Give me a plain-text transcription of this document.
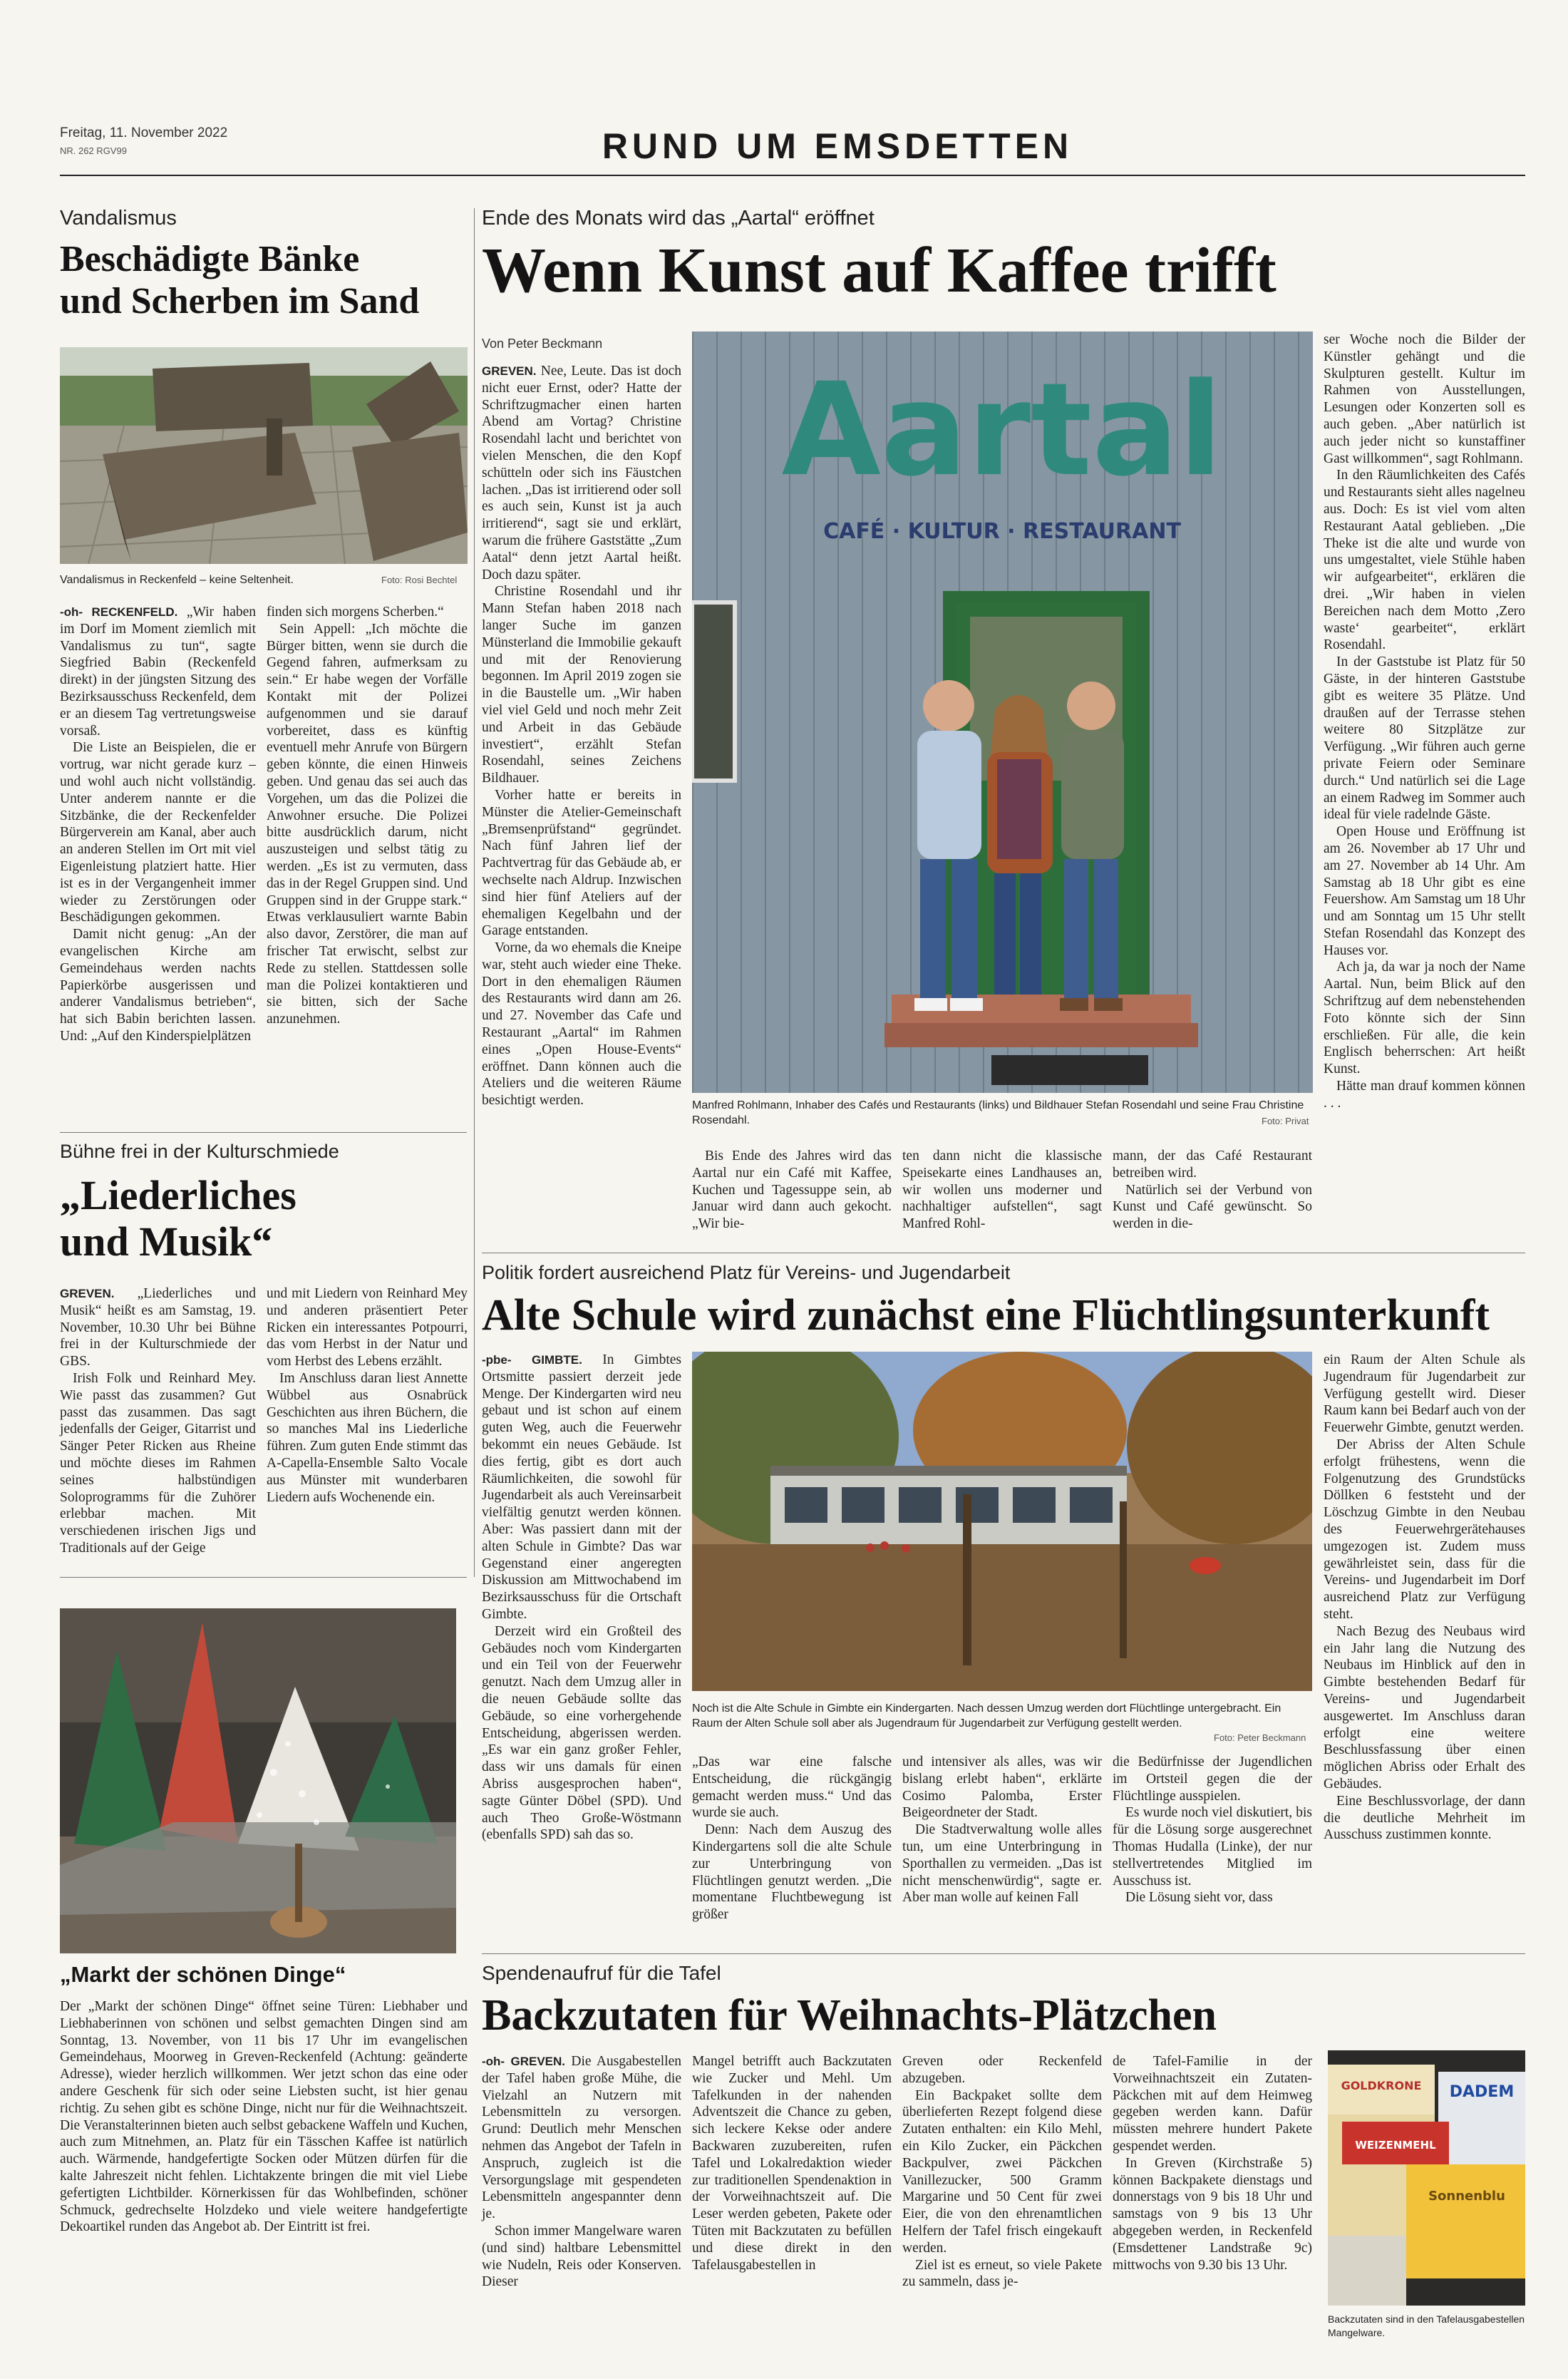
Freitag, 11. November 2022
NR. 262 RGV99	RUND UM EMSDETTEN
Vandalismus
Beschädigte Bänke
und Scherben im Sand
Vandalismus in Reckenfeld – keine Seltenheit.	Foto: Rosi Bechtel

-oh- RECKENFELD. „Wir haben im Dorf im Moment ziemlich mit Vandalismus zu tun“, sagte Siegfried Babin (Reckenfeld direkt) in der jüngsten Sitzung des Bezirksausschuss Reckenfeld, dem er an diesem Tag vertretungsweise vorsaß.

Die Liste an Beispielen, die er vortrug, war nicht gerade kurz – und wohl auch nicht vollständig. Unter anderem nannte er die Sitzbänke, die der Reckenfelder Bürgerverein am Kanal, aber auch an anderen Stellen im Ort mit viel Eigenleistung platziert hatte. Hier ist es in der Vergangenheit immer wieder zu Zerstörungen oder Beschädigungen gekommen.

Damit nicht genug: „An der evangelischen Kirche am Gemeindehaus werden nachts Papierkörbe ausgerissen und anderer Vandalismus betrieben“, hat sich Babin berichten lassen. Und: „Auf den Kinderspielplätzen

finden sich morgens Scherben.“

Sein Appell: „Ich möchte die Bürger bitten, wenn sie durch die Gegend fahren, aufmerksam zu sein.“ Er habe wegen der Vorfälle Kontakt mit der Polizei aufgenommen und sie darauf vorbereitet, dass es künftig eventuell mehr Anrufe von Bürgern geben könnte, die einen Hinweis geben. Und genau das sei auch das Vorgehen, um das die Polizei die Anwohner ersuche. Die Polizei bitte ausdrücklich darum, nicht auszusteigen und selbst tätig zu werden. „Es ist zu vermuten, dass das in der Regel Gruppen sind. Und Gruppen sind in der Gruppe stark.“ Etwas verklausuliert warnte Babin also davor, Zerstörer, die man auf frischer Tat erwischt, selbst zur Rede zu stellen. Stattdessen solle man die Polizei kontaktieren und sie bitten, sich der Sache anzunehmen.

Bühne frei in der Kulturschmiede
„Liederliches
und Musik“

GREVEN. „Liederliches und Musik“ heißt es am Samstag, 19. November, 10.30 Uhr bei Bühne frei in der Kulturschmiede der GBS.

Irish Folk und Reinhard Mey. Wie passt das zusammen? Gut passt das zusammen. Das sagt jedenfalls der Geiger, Gitarrist und Sänger Peter Ricken aus Rheine und möchte dieses im Rahmen seines halbstündigen Soloprogramms für die Zuhörer erlebbar machen. Mit verschiedenen irischen Jigs und Traditionals auf der Geige

und mit Liedern von Reinhard Mey und anderen präsentiert Peter Ricken ein interessantes Potpourri, das vom Herbst in der Natur und vom Herbst des Lebens erzählt.

Im Anschluss daran liest Annette Wübbel aus Osnabrück Geschichten aus ihren Büchern, die so manches Mal ins Liederliche führen. Zum guten Ende stimmt das A-Capella-Ensemble Salto Vocale aus Münster mit wunderbaren Liedern aufs Wochenende ein.

„Markt der schönen Dinge“

Der „Markt der schönen Dinge“ öffnet seine Türen: Liebhaber und Liebhaberinnen von schönen und selbst gemachten Dingen sind am Sonntag, 13. November, von 11 bis 17 Uhr im evangelischen Gemeindehaus, Moorweg in Greven-Reckenfeld (Achtung: geänderte Adresse), wieder herzlich willkommen. Wer jetzt schon das eine oder andere Geschenk für sich oder seine Liebsten sucht, ist hier genau richtig. Zu sehen gibt es schöne Dinge, nicht nur für die Weihnachtszeit. Die Veranstalterinnen bieten auch selbst gebackene Waffeln und Kuchen, auch zum Mitnehmen, an. Platz für ein Tässchen Kaffee ist natürlich auch. Wärmende, handgefertigte Socken oder Mützen dürfen für die kalte Jahreszeit nicht fehlen. Lichtakzente bringen die mit viel Liebe gefertigten Lichtbilder. Körnerkissen für das Wohlbefinden, schöner Schmuck, gedrechselte Holzdeko und viele weitere handgefertigte Dekoartikel runden das Angebot ab. Der Eintritt ist frei.

Ende des Monats wird das „Aartal“ eröffnet
Wenn Kunst auf Kaffee trifft
Von Peter Beckmann
Aartal
CAFÉ · KULTUR · RESTAURANT
Manfred Rohlmann, Inhaber des Cafés und Restaurants (links) und Bildhauer Stefan Rosendahl und seine Frau Christine Rosendahl.	Foto: Privat

GREVEN. Nee, Leute. Das ist doch nicht euer Ernst, oder? Hatte der Schriftzugmacher einen harten Abend am Vortag? Christine Rosendahl lacht und berichtet von vielen Menschen, die den Kopf schütteln oder sich ins Fäustchen lachen. „Das ist irritierend oder soll es auch sein, Kunst ist ja auch irritierend“, sagt sie und erklärt, warum die frühere Gaststätte „Zum Aatal“ denn jetzt Aartal heißt. Doch dazu später.

Christine Rosendahl und ihr Mann Stefan haben 2018 nach langer Suche im ganzen Münsterland die Immobilie gekauft und mit der Renovierung begonnen. Im April 2019 zogen sie in die Baustelle um. „Wir haben viel viel Geld und noch mehr Zeit und Arbeit in das Gebäude investiert“, erzählt Stefan Rosendahl, seines Zeichens Bildhauer.

Vorher hatte er bereits in Münster die Atelier-Gemeinschaft „Bremsenprüfstand“ gegründet. Nach fünf Jahren lief der Pachtvertrag für das Gebäude ab, er wechselte nach Aldrup. Inzwischen sind hier fünf Ateliers auf der ehemaligen Kegelbahn und der Garage entstanden.

Vorne, da wo ehemals die Kneipe war, steht auch wieder eine Theke. Dort in den ehemaligen Räumen des Restaurants wird dann am 26. und 27. November das Cafe und Restaurant „Aartal“ im Rahmen eines „Open House-Events“ eröffnet. Dann können auch die Ateliers und die weiteren Räume besichtigt werden.

Bis Ende des Jahres wird das Aartal nur ein Café mit Kaffee, Kuchen und Tagessuppe sein, ab Januar wird dann auch gekocht. „Wir bie-

ten dann nicht die klassische Speisekarte eines Landhauses an, wir wollen uns moderner und nachhaltiger aufstellen“, sagt Manfred Rohl-

mann, der das Café Restaurant betreiben wird.

Natürlich sei der Verbund von Kunst und Café gewünscht. So werden in die-

ser Woche noch die Bilder der Künstler gehängt und die Skulpturen gestellt. Kultur im Rahmen von Ausstellungen, Lesungen oder Konzerten soll es auch geben. „Aber natürlich ist auch jeder nicht so kunstaffiner Gast willkommen“, sagt Rohlmann.

In den Räumlichkeiten des Cafés und Restaurants sieht alles nagelneu aus. Doch: Es ist viel vom alten Restaurant Aatal geblieben. „Die Theke ist die alte und wurde von uns umgestaltet, viele Stühle haben wir aufgearbeitet“, erklären die drei. „Wir haben in vielen Bereichen nach dem Motto ,Zero waste‘ gearbeitet“, erklärt Rosendahl.

In der Gaststube ist Platz für 50 Gäste, in der hinteren Gaststube gibt es weitere 35 Plätze. Und draußen auf der Terrasse stehen weitere 80 Sitzplätze zur Verfügung. „Wir führen auch gerne private Feiern oder Seminare durch.“ Und natürlich sei die Lage an einem Radweg im Sommer auch ideal für viele radelnde Gäste.

Open House und Eröffnung ist am 26. November ab 17 Uhr und am 27. November ab 14 Uhr. Am Samstag ab 18 Uhr gibt es eine Feuershow. Am Samstag um 18 Uhr und am Sonntag um 15 Uhr stellt Stefan Rosendahl das Konzept des Hauses vor.

Ach ja, da war ja noch der Name Aartal. Nun, beim Blick auf den Schriftzug auf dem nebenstehenden Foto könnte sich der Sinn erschließen. Für alle, die kein Englisch beherrschen: Art heißt Kunst.

Hätte man drauf kommen können . . .

Politik fordert ausreichend Platz für Vereins- und Jugendarbeit
Alte Schule wird zunächst eine Flüchtlingsunterkunft
Noch ist die Alte Schule in Gimbte ein Kindergarten. Nach dessen Umzug werden dort Flüchtlinge untergebracht. Ein Raum der Alten Schule soll aber als Jugendraum für Jugendarbeit zur Verfügung gestellt werden.
Foto: Peter Beckmann

-pbe- GIMBTE. In Gimbtes Ortsmitte passiert derzeit jede Menge. Der Kindergarten wird neu gebaut und ist schon auf einem guten Weg, auch die Feuerwehr bekommt ein neues Gebäude. Ist dies fertig, gibt es dort auch Räumlichkeiten, die sowohl für Jugendarbeit als auch Vereinsarbeit vielfältig genutzt werden können. Aber: Was passiert dann mit der alten Schule in Gimbte? Das war Gegenstand einer angeregten Diskussion am Mittwochabend im Bezirksausschuss für die Ortschaft Gimbte.

Derzeit wird ein Großteil des Gebäudes noch vom Kindergarten und ein Teil von der Feuerwehr genutzt. Nach dem Umzug aller in die neuen Gebäude sollte das Gebäude, so eine vorhergehende Entscheidung, abgerissen werden. „Es war ein ganz großer Fehler, dass wir uns damals für einen Abriss ausgesprochen haben“, sagte Günter Döbel (SPD). Und auch Theo Große-Wöstmann (ebenfalls SPD) sah das so.

„Das war eine falsche Entscheidung, die rückgängig gemacht werden muss.“ Und das wurde sie auch.

Denn: Nach dem Auszug des Kindergartens soll die alte Schule zur Unterbringung von Flüchtlingen genutzt werden. „Die momentane Fluchtbewegung ist größer

und intensiver als alles, was wir bislang erlebt haben“, erklärte Cosimo Palomba, Erster Beigeordneter der Stadt.

Die Stadtverwaltung wolle alles tun, um eine Unterbringung in Sporthallen zu vermeiden. „Das ist nicht menschenwürdig“, sagte er. Aber man wolle auf keinen Fall

die Bedürfnisse der Jugendlichen im Ortsteil gegen die der Flüchtlinge ausspielen.

Es wurde noch viel diskutiert, bis für die Lösung sorge ausgerechnet Thomas Hudalla (Linke), der nur stellvertretendes Mitglied im Ausschuss ist.

Die Lösung sieht vor, dass

ein Raum der Alten Schule als Jugendraum für Jugendarbeit zur Verfügung gestellt wird. Dieser Raum kann bei Bedarf auch von der Feuerwehr Gimbte, genutzt werden.

Der Abriss der Alten Schule erfolgt frühestens, wenn die Folgenutzung des Grundstücks Döllken 6 feststeht und der Löschzug Gimbte in den Neubau des Feuerwehrgerätehauses umgezogen ist. Zudem muss gewährleistet sein, dass für die Vereins- und Jugendarbeit im Dorf ausreichend Platz zur Verfügung steht.

Nach Bezug des Neubaus wird ein Jahr lang die Nutzung des Neubaus im Hinblick auf den in Gimbte bestehenden Bedarf für Vereins- und Jugendarbeit ausgewertet. Im Anschluss daran erfolgt eine weitere Beschlussfassung über einen möglichen Abriss oder Erhalt des Gebäudes.

Eine Beschlussvorlage, der dann die deutliche Mehrheit im Ausschuss zustimmen konnte.

Spendenaufruf für die Tafel
Backzutaten für Weihnachts-Plätzchen

-oh- GREVEN. Die Ausgabestellen der Tafel haben große Mühe, die Vielzahl an Nutzern mit Lebensmitteln zu versorgen. Grund: Deutlich mehr Menschen nehmen das Angebot der Tafeln in Anspruch, zugleich ist die Versorgungslage mit gespendeten Lebensmitteln angespannter denn je.

Schon immer Mangelware waren (und sind) haltbare Lebensmittel wie Nudeln, Reis oder Konserven. Dieser

Mangel betrifft auch Backzutaten wie Zucker und Mehl. Um Tafelkunden in der nahenden Adventszeit die Chance zu geben, sich leckere Kekse oder andere Backwaren zuzubereiten, rufen Tafel und Lokalredaktion wieder zur traditionellen Spendenaktion in der Vorweihnachtszeit auf. Die Leser werden gebeten, Pakete oder Tüten mit Backzutaten zu befüllen und diese direkt in den Tafelausgabestellen in

Greven oder Reckenfeld abzugeben.

Ein Backpaket sollte dem überlieferten Rezept folgend diese Zutaten enthalten: ein Kilo Mehl, ein Kilo Zucker, ein Päckchen Backpulver, zwei Päckchen Vanillezucker, 500 Gramm Margarine und 50 Cent für zwei Eier, die von den ehrenamtlichen Helfern der Tafel frisch eingekauft werden.

Ziel ist es erneut, so viele Pakete zu sammeln, dass je-

de Tafel-Familie in der Vorweihnachtszeit ein Zutaten-Päckchen mit auf dem Heimweg gegeben werden kann. Dafür müssten mehrere hundert Pakete gespendet werden.

In Greven (Kirchstraße 5) können Backpakete dienstags und donnerstags von 9 bis 18 Uhr und samstags von 9 bis 13 Uhr abgegeben werden, in Reckenfeld (Emsdettener Landstraße 9c) mittwochs von 9.30 bis 13 Uhr.

GOLDKRONE DADEM
WEIZENMEHL
Sonnenblu
Backzutaten sind in den Tafelausgabestellen Mangelware.
